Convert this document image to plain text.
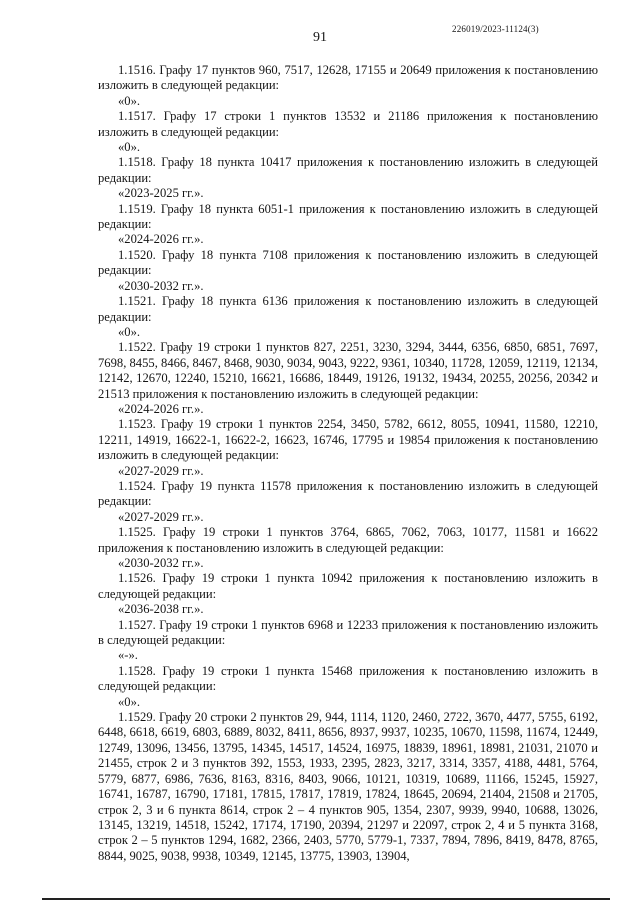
91
226019/2023-11124(3)

1.1516. Графу 17 пунктов 960, 7517, 12628, 17155 и 20649 приложения к постановлению изложить в следующей редакции:

«0».

1.1517. Графу 17 строки 1 пунктов 13532 и 21186 приложения к постановлению изложить в следующей редакции:

«0».

1.1518. Графу 18 пункта 10417 приложения к постановлению изложить в следующей редакции:

«2023-2025 гг.».

1.1519. Графу 18 пункта 6051-1 приложения к постановлению изложить в следующей редакции:

«2024-2026 гг.».

1.1520. Графу 18 пункта 7108 приложения к постановлению изложить в следующей редакции:

«2030-2032 гг.».

1.1521. Графу 18 пункта 6136 приложения к постановлению изложить в следующей редакции:

«0».

1.1522. Графу 19 строки 1 пунктов 827, 2251, 3230, 3294, 3444, 6356, 6850, 6851, 7697, 7698, 8455, 8466, 8467, 8468, 9030, 9034, 9043, 9222, 9361, 10340, 11728, 12059, 12119, 12134, 12142, 12670, 12240, 15210, 16621, 16686, 18449, 19126, 19132, 19434, 20255, 20256, 20342 и 21513 приложения к постановлению изложить в следующей редакции:

«2024-2026 гг.».

1.1523. Графу 19 строки 1 пунктов 2254, 3450, 5782, 6612, 8055, 10941, 11580, 12210, 12211, 14919, 16622-1, 16622-2, 16623, 16746, 17795 и 19854 приложения к постановлению изложить в следующей редакции:

«2027-2029 гг.».

1.1524. Графу 19 пункта 11578 приложения к постановлению изложить в следующей редакции:

«2027-2029 гг.».

1.1525. Графу 19 строки 1 пунктов 3764, 6865, 7062, 7063, 10177, 11581 и 16622 приложения к постановлению изложить в следующей редакции:

«2030-2032 гг.».

1.1526. Графу 19 строки 1 пункта 10942 приложения к постановлению изложить в следующей редакции:

«2036-2038 гг.».

1.1527. Графу 19 строки 1 пунктов 6968 и 12233 приложения к постановлению изложить в следующей редакции:

«-».

1.1528. Графу 19 строки 1 пункта 15468 приложения к постановлению изложить в следующей редакции:

«0».

1.1529. Графу 20 строки 2 пунктов 29, 944, 1114, 1120, 2460, 2722, 3670, 4477, 5755, 6192, 6448, 6618, 6619, 6803, 6889, 8032, 8411, 8656, 8937, 9937, 10235, 10670, 11598, 11674, 12449, 12749, 13096, 13456, 13795, 14345, 14517, 14524, 16975, 18839, 18961, 18981, 21031, 21070 и 21455, строк 2 и 3 пунктов 392, 1553, 1933, 2395, 2823, 3217, 3314, 3357, 4188, 4481, 5764, 5779, 6877, 6986, 7636, 8163, 8316, 8403, 9066, 10121, 10319, 10689, 11166, 15245, 15927, 16741, 16787, 16790, 17181, 17815, 17817, 17819, 17824, 18645, 20694, 21404, 21508 и 21705, строк 2, 3 и 6 пункта 8614, строк 2 – 4 пунктов 905, 1354, 2307, 9939, 9940, 10688, 13026, 13145, 13219, 14518, 15242, 17174, 17190, 20394, 21297 и 22097, строк 2, 4 и 5 пункта 3168, строк 2 – 5 пунктов 1294, 1682, 2366, 2403, 5770, 5779-1, 7337, 7894, 7896, 8419, 8478, 8765, 8844, 9025, 9038, 9938, 10349, 12145, 13775, 13903, 13904,
